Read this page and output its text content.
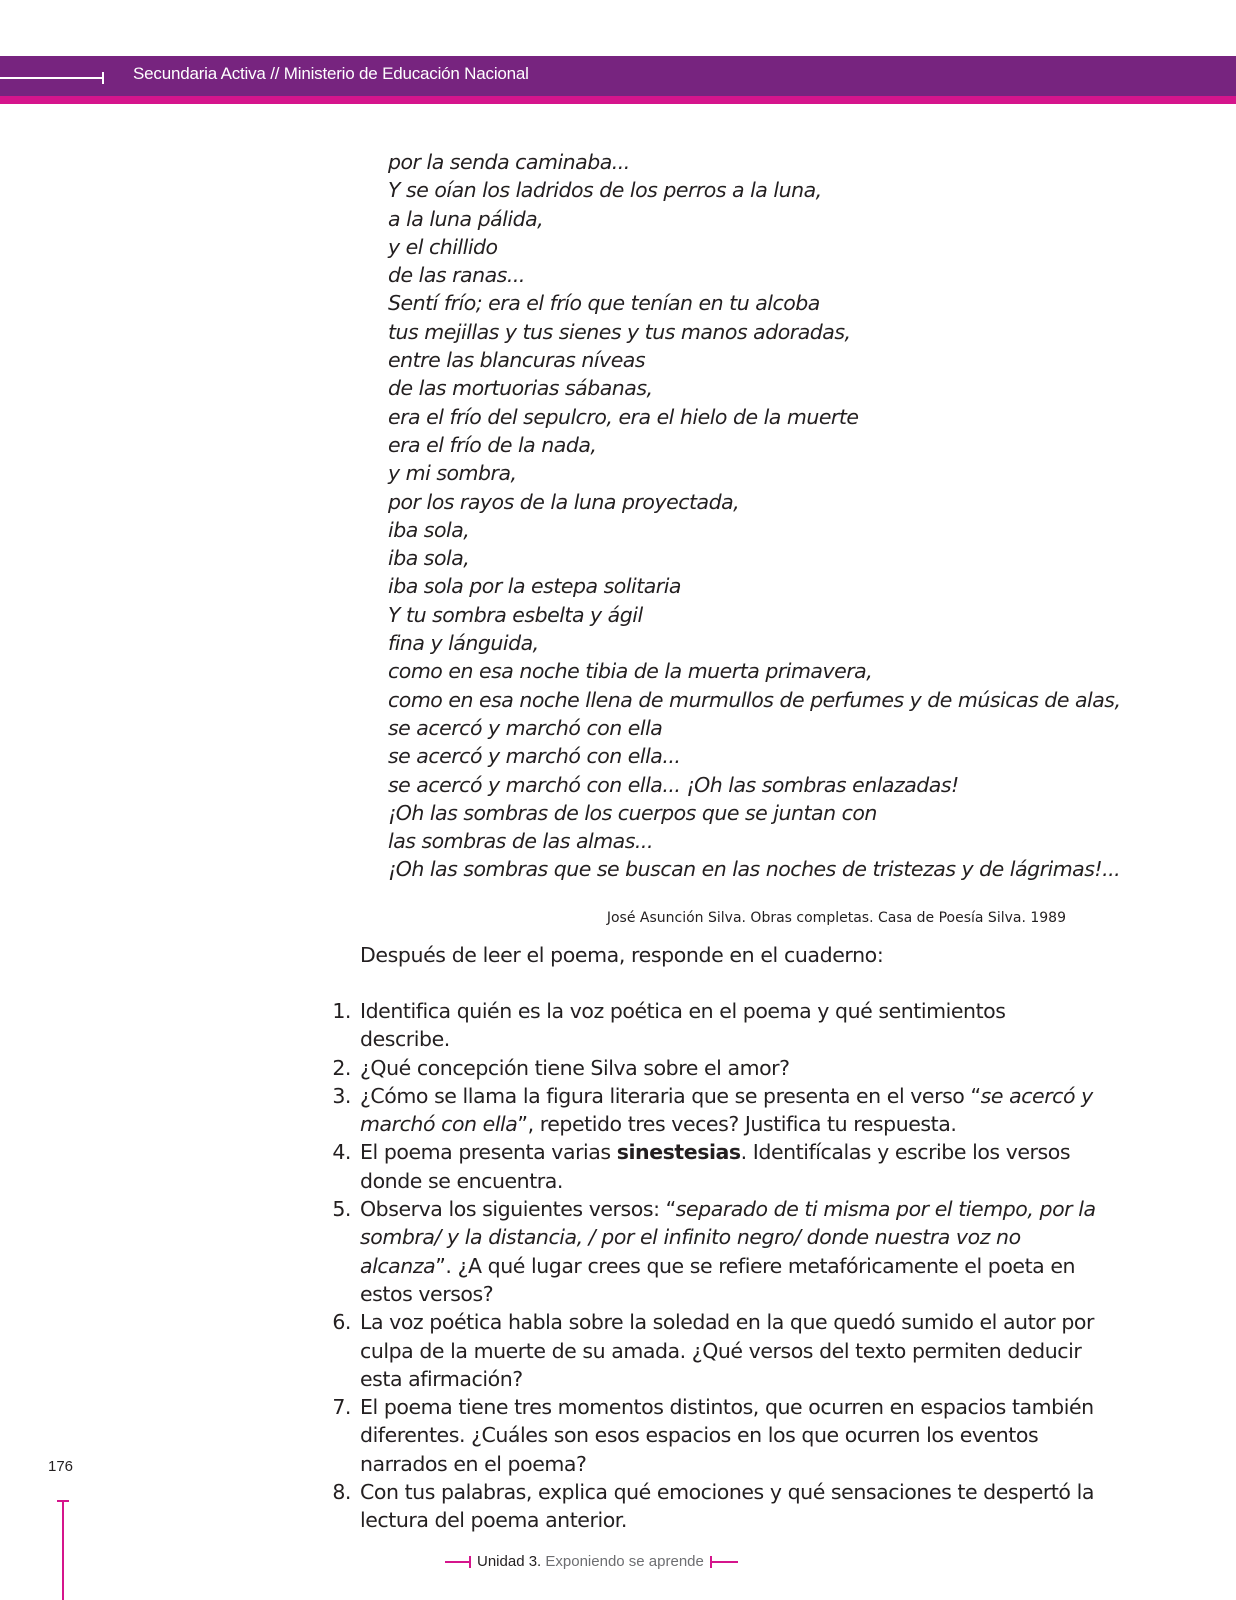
Secundaria Activa // Ministerio de Educación Nacional
por la senda caminaba...
Y se oían los ladridos de los perros a la luna,
a la luna pálida,
y el chillido
de las ranas...
Sentí frío; era el frío que tenían en tu alcoba
tus mejillas y tus sienes y tus manos adoradas,
entre las blancuras níveas
de las mortuorias sábanas,
era el frío del sepulcro, era el hielo de la muerte
era el frío de la nada,
y mi sombra,
por los rayos de la luna proyectada,
iba sola,
iba sola,
iba sola por la estepa solitaria
Y tu sombra esbelta y ágil
fina y lánguida,
como en esa noche tibia de la muerta primavera,
como en esa noche llena de murmullos de perfumes y de músicas de alas,
se acercó y marchó con ella
se acercó y marchó con ella...
se acercó y marchó con ella... ¡Oh las sombras enlazadas!
¡Oh las sombras de los cuerpos que se juntan con
las sombras de las almas...
¡Oh las sombras que se buscan en las noches de tristezas y de lágrimas!...
José Asunción Silva. Obras completas. Casa de Poesía Silva. 1989
Después de leer el poema, responde en el cuaderno:
1. Identifica quién es la voz poética en el poema y qué sentimientos describe.
2. ¿Qué concepción tiene Silva sobre el amor?
3. ¿Cómo se llama la figura literaria que se presenta en el verso “se acercó y marchó con ella”, repetido tres veces? Justifica tu respuesta.
4. El poema presenta varias sinestesias. Identifícalas y escribe los versos donde se encuentra.
5. Observa los siguientes versos: “separado de ti misma por el tiempo, por la sombra/ y la distancia, / por el infinito negro/ donde nuestra voz no alcanza”. ¿A qué lugar crees que se refiere metafóricamente el poeta en estos versos?
6. La voz poética habla sobre la soledad en la que quedó sumido el autor por culpa de la muerte de su amada. ¿Qué versos del texto permiten deducir esta afirmación?
7. El poema tiene tres momentos distintos, que ocurren en espacios también diferentes. ¿Cuáles son esos espacios en los que ocurren los eventos narrados en el poema?
8. Con tus palabras, explica qué emociones y qué sensaciones te despertó la lectura del poema anterior.
176
Unidad 3. Exponiendo se aprende
